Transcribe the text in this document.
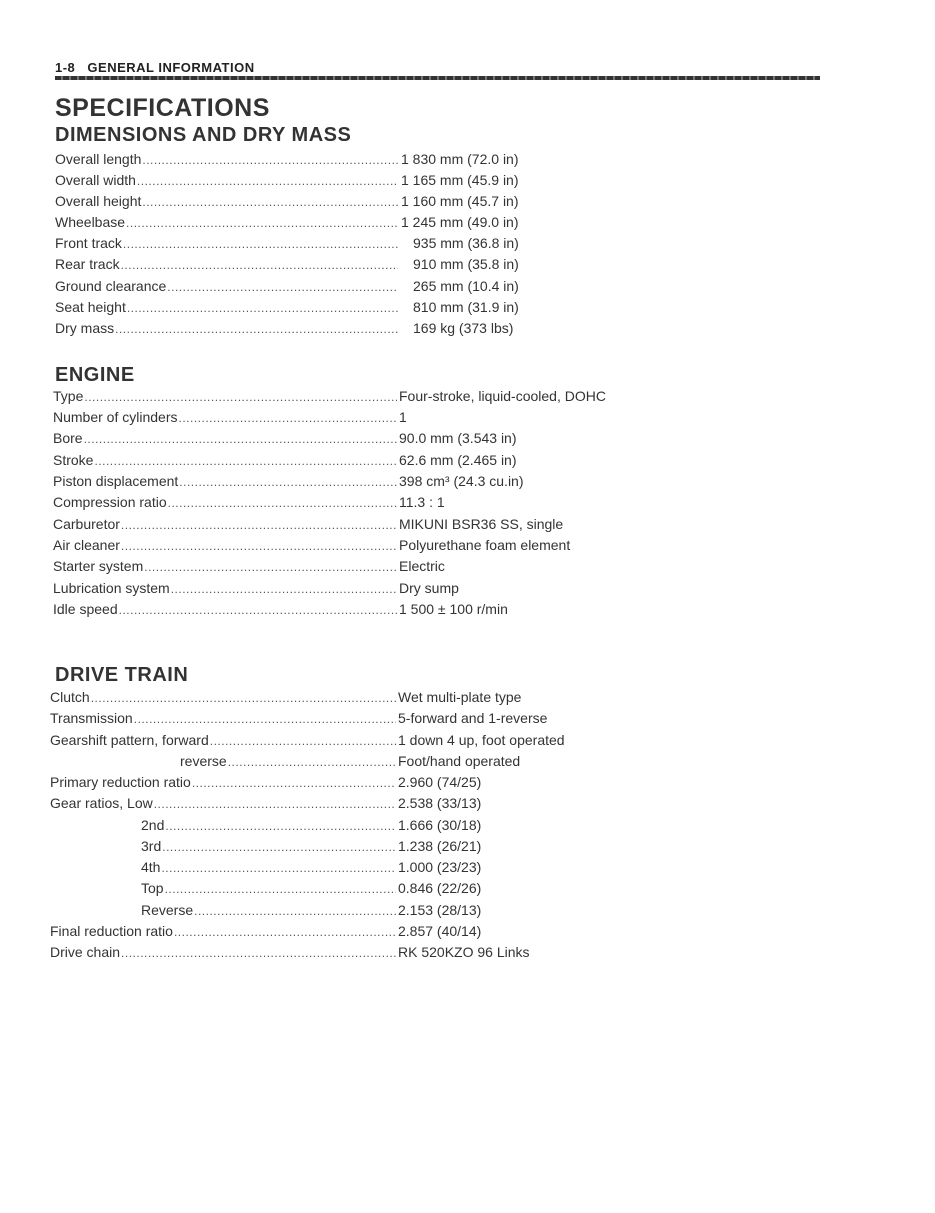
1-8 GENERAL INFORMATION
SPECIFICATIONS
DIMENSIONS AND DRY MASS
Overall length .....	1 830 mm (72.0 in)
Overall width .....	1 165 mm (45.9 in)
Overall height .....	1 160 mm (45.7 in)
Wheelbase .....	1 245 mm (49.0 in)
Front track .....	935 mm (36.8 in)
Rear track .....	910 mm (35.8 in)
Ground clearance .....	265 mm (10.4 in)
Seat height .....	810 mm (31.9 in)
Dry mass .....	169 kg (373 lbs)
ENGINE
Type .....	Four-stroke, liquid-cooled, DOHC
Number of cylinders .....	1
Bore .....	90.0 mm (3.543 in)
Stroke .....	62.6 mm (2.465 in)
Piston displacement .....	398 cm³ (24.3 cu.in)
Compression ratio .....	11.3 : 1
Carburetor .....	MIKUNI BSR36 SS, single
Air cleaner .....	Polyurethane foam element
Starter system .....	Electric
Lubrication system .....	Dry sump
Idle speed .....	1 500 ± 100 r/min
DRIVE TRAIN
Clutch .....	Wet multi-plate type
Transmission .....	5-forward and 1-reverse
Gearshift pattern, forward .....	1 down 4 up, foot operated
reverse .....	Foot/hand operated
Primary reduction ratio .....	2.960 (74/25)
Gear ratios, Low .....	2.538 (33/13)
2nd .....	1.666 (30/18)
3rd .....	1.238 (26/21)
4th .....	1.000 (23/23)
Top .....	0.846 (22/26)
Reverse .....	2.153 (28/13)
Final reduction ratio .....	2.857 (40/14)
Drive chain .....	RK 520KZO 96 Links
